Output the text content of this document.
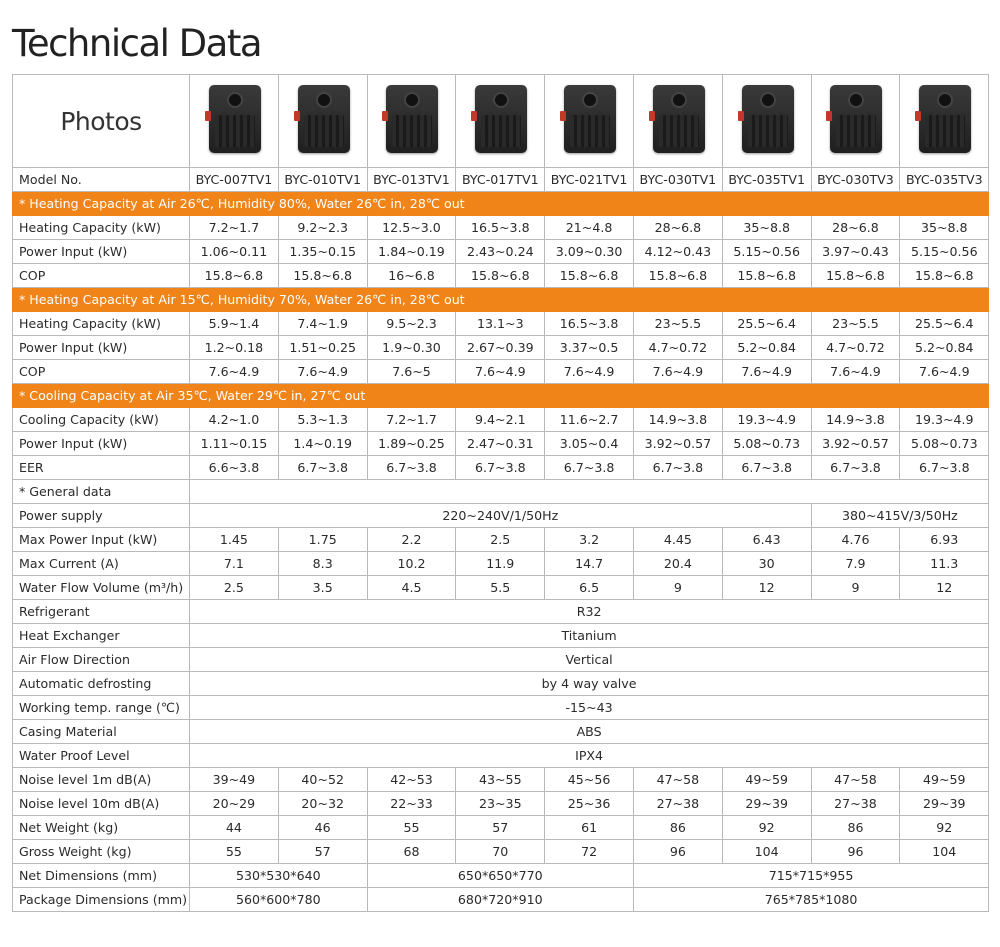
Technical Data
Photos	

Model No.	BYC-007TV1	BYC-010TV1	BYC-013TV1	BYC-017TV1	BYC-021TV1	BYC-030TV1	BYC-035TV1	BYC-030TV3	BYC-035TV3
* Heating Capacity at Air 26℃, Humidity 80%, Water 26℃ in, 28℃ out									
Heating Capacity (kW)	7.2~1.7	9.2~2.3	12.5~3.0	16.5~3.8	21~4.8	28~6.8	35~8.8	28~6.8	35~8.8
Power Input (kW)	1.06~0.11	1.35~0.15	1.84~0.19	2.43~0.24	3.09~0.30	4.12~0.43	5.15~0.56	3.97~0.43	5.15~0.56
COP	15.8~6.8	15.8~6.8	16~6.8	15.8~6.8	15.8~6.8	15.8~6.8	15.8~6.8	15.8~6.8	15.8~6.8
* Heating Capacity at Air 15℃, Humidity 70%, Water 26℃ in, 28℃ out									
Heating Capacity (kW)	5.9~1.4	7.4~1.9	9.5~2.3	13.1~3	16.5~3.8	23~5.5	25.5~6.4	23~5.5	25.5~6.4
Power Input (kW)	1.2~0.18	1.51~0.25	1.9~0.30	2.67~0.39	3.37~0.5	4.7~0.72	5.2~0.84	4.7~0.72	5.2~0.84
COP	7.6~4.9	7.6~4.9	7.6~5	7.6~4.9	7.6~4.9	7.6~4.9	7.6~4.9	7.6~4.9	7.6~4.9
* Cooling Capacity at Air 35℃, Water 29℃ in, 27℃ out									
Cooling Capacity (kW)	4.2~1.0	5.3~1.3	7.2~1.7	9.4~2.1	11.6~2.7	14.9~3.8	19.3~4.9	14.9~3.8	19.3~4.9
Power Input (kW)	1.11~0.15	1.4~0.19	1.89~0.25	2.47~0.31	3.05~0.4	3.92~0.57	5.08~0.73	3.92~0.57	5.08~0.73
EER	6.6~3.8	6.7~3.8	6.7~3.8	6.7~3.8	6.7~3.8	6.7~3.8	6.7~3.8	6.7~3.8	6.7~3.8
* General data									
Power supply	220~240V/1/50Hz							380~415V/3/50Hz	
Max Power Input (kW)	1.45	1.75	2.2	2.5	3.2	4.45	6.43	4.76	6.93
Max Current (A)	7.1	8.3	10.2	11.9	14.7	20.4	30	7.9	11.3
Water Flow Volume (m³/h)	2.5	3.5	4.5	5.5	6.5	9	12	9	12
Refrigerant	R32								
Heat Exchanger	Titanium								
Air Flow Direction	Vertical								
Automatic defrosting	by 4 way valve								
Working temp. range (℃)	-15~43								
Casing Material	ABS								
Water Proof Level	IPX4								
Noise level 1m dB(A)	39~49	40~52	42~53	43~55	45~56	47~58	49~59	47~58	49~59
Noise level 10m dB(A)	20~29	20~32	22~33	23~35	25~36	27~38	29~39	27~38	29~39
Net Weight (kg)	44	46	55	57	61	86	92	86	92
Gross Weight (kg)	55	57	68	70	72	96	104	96	104
Net Dimensions (mm)	530*530*640		650*650*770			715*715*955			
Package Dimensions (mm)	560*600*780		680*720*910			765*785*1080			
